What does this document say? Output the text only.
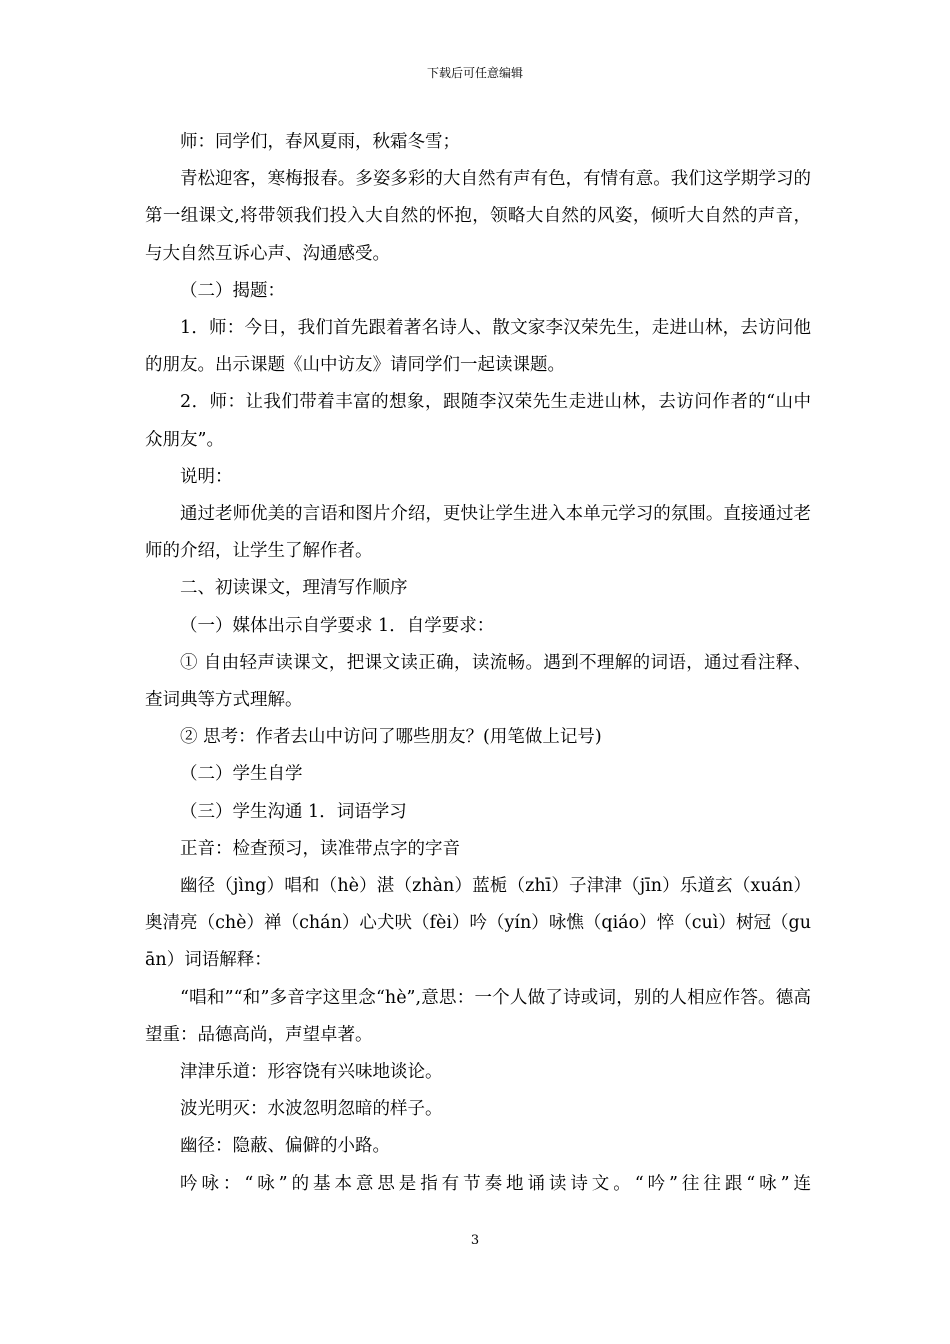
下载后可任意编辑

师：同学们，春风夏雨，秋霜冬雪；

青松迎客，寒梅报春。多姿多彩的大自然有声有色，有情有意。我们这学期学习的第一组课文,将带领我们投入大自然的怀抱，领略大自然的风姿，倾听大自然的声音，与大自然互诉心声、沟通感受。

（二）揭题：

1．师：今日，我们首先跟着著名诗人、散文家李汉荣先生，走进山林，去访问他的朋友。出示课题《山中访友》请同学们一起读课题。

2．师：让我们带着丰富的想象，跟随李汉荣先生走进山林，去访问作者的“山中众朋友”。

说明：

通过老师优美的言语和图片介绍，更快让学生进入本单元学习的氛围。直接通过老师的介绍，让学生了解作者。

二、初读课文，理清写作顺序

（一）媒体出示自学要求 1．自学要求：

① 自由轻声读课文，把课文读正确，读流畅。遇到不理解的词语，通过看注释、查词典等方式理解。

② 思考：作者去山中访问了哪些朋友？(用笔做上记号)

（二）学生自学

（三）学生沟通 1．词语学习

正音：检查预习，读准带点字的字音

幽径（jìng）唱和（hè）湛（zhàn）蓝栀（zhī）子津津（jīn）乐道玄（xuán）奥清亮（chè）禅（chán）心犬吠（fèi）吟（yín）咏憔（qiáo）悴（cuì）树冠（guān）词语解释：

“唱和”“和”多音字这里念“hè”,意思：一个人做了诗或词，别的人相应作答。德高望重：品德高尚，声望卓著。

津津乐道：形容饶有兴味地谈论。

波光明灭：水波忽明忽暗的样子。

幽径：隐蔽、偏僻的小路。

吟咏：“咏”的基本意思是指有节奏地诵读诗文。“吟”往往跟“咏”连

3
